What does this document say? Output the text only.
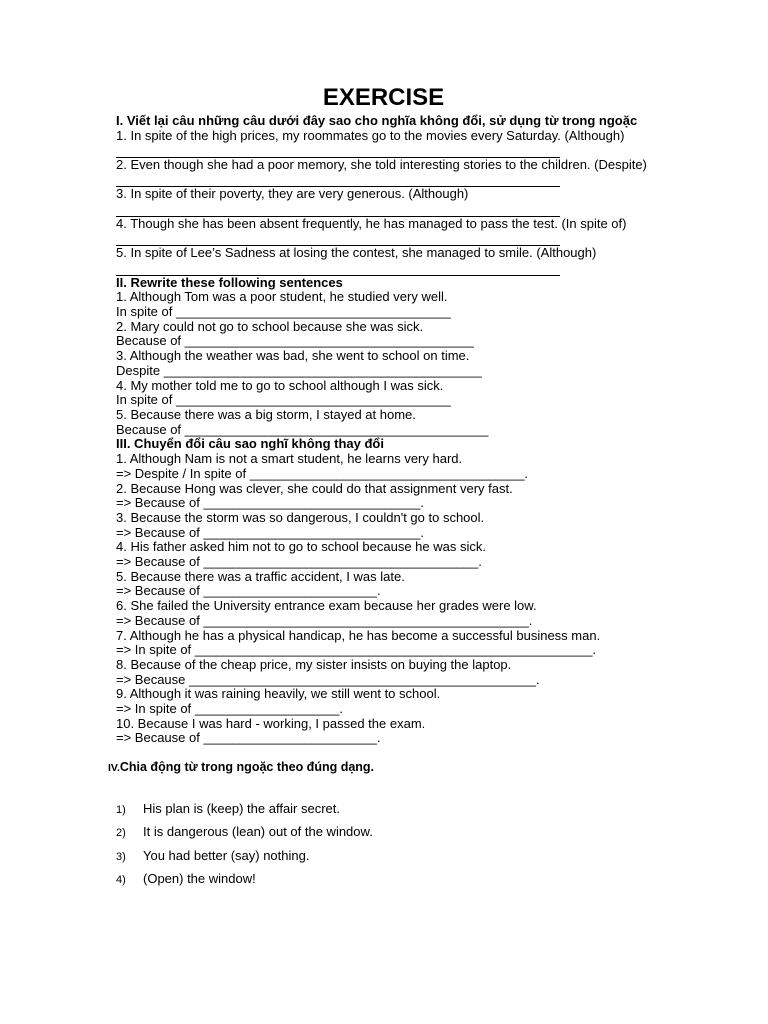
EXERCISE
I. Viết lại câu những câu dưới đây sao cho nghĩa không đổi, sử dụng từ trong ngoặc
1. In spite of the high prices, my roommates go to the movies every Saturday. (Although)
2. Even though she had a poor memory, she told interesting stories to the children. (Despite)
3. In spite of their poverty, they are very generous. (Although)
4. Though she has been absent frequently, he has managed to pass the test. (In spite of)
5. In spite of Lee’s Sadness at losing the contest, she managed to smile. (Although)
II. Rewrite these following sentences
1. Although Tom was a poor student, he studied very well.
In spite of ______________________________________
2. Mary could not go to school because she was sick.
Because of ________________________________________
3. Although the weather was bad, she went to school on time.
Despite ____________________________________________
4. My mother told me to go to school although I was sick.
In spite of ______________________________________
5. Because there was a big storm, I stayed at home.
Because of __________________________________________
III. Chuyển đổi câu sao nghĩ không thay đổi
1. Although Nam is not a smart student, he learns very hard.
=> Despite / In spite of ______________________________________.
2. Because Hong was clever, she could do that assignment very fast.
=> Because of ______________________________.
3. Because the storm was so dangerous, I couldn't go to school.
=> Because of ______________________________.
4. His father asked him not to go to school because he was sick.
=> Because of ______________________________________.
5. Because there was a traffic accident, I was late.
=> Because of ________________________.
6. She failed the University entrance exam because her grades were low.
=> Because of _____________________________________________.
7. Although he has a physical handicap, he has become a successful business man.
=> In spite of _______________________________________________________.
8. Because of the cheap price, my sister insists on buying the laptop.
=> Because ________________________________________________.
9. Although it was raining heavily, we still went to school.
=> In spite of ____________________.
10. Because I was hard - working, I passed the exam.
=> Because of ________________________.
IV.Chia động từ trong ngoặc theo đúng dạng.
1)	His plan is (keep) the affair secret.
2)	It is dangerous (lean) out of the window.
3)	You had better (say) nothing.
4)	(Open) the window!
